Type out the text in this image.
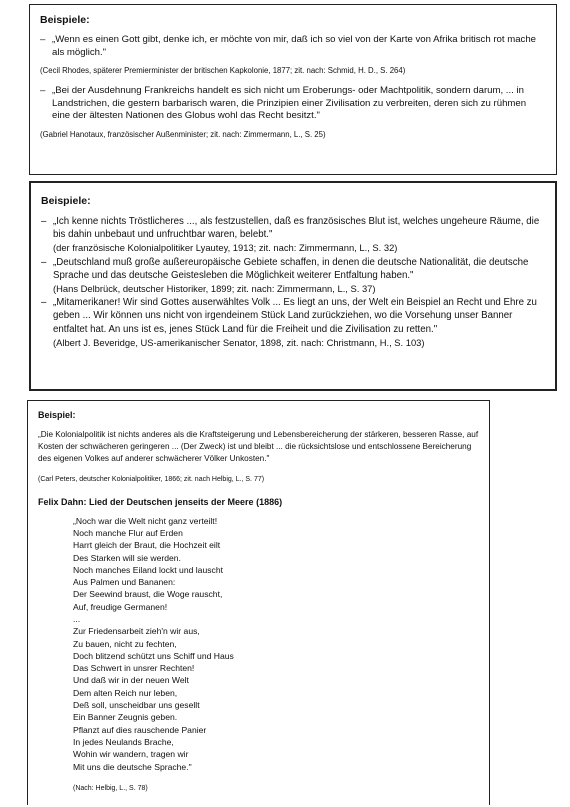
Beispiele:
– „Wenn es einen Gott gibt, denke ich, er möchte von mir, daß ich so viel von der Karte von Afrika britisch rot mache als möglich."
(Cecil Rhodes, späterer Premierminister der britischen Kapkolonie, 1877; zit. nach: Schmid, H. D., S. 264)
– „Bei der Ausdehnung Frankreichs handelt es sich nicht um Eroberungs- oder Machtpolitik, sondern darum, ... in Landstrichen, die gestern barbarisch waren, die Prinzipien einer Zivilisation zu verbreiten, deren sich zu rühmen eine der ältesten Nationen des Globus wohl das Recht besitzt."
(Gabriel Hanotaux, französischer Außenminister; zit. nach: Zimmermann, L., S. 25)
Beispiele:
– „Ich kenne nichts Tröstlicheres ..., als festzustellen, daß es französisches Blut ist, welches ungeheure Räume, die bis dahin unbebaut und unfruchtbar waren, belebt."
(der französische Kolonialpolitiker Lyautey, 1913; zit. nach: Zimmermann, L., S. 32)
– „Deutschland muß große außereuropäische Gebiete schaffen, in denen die deutsche Nationalität, die deutsche Sprache und das deutsche Geistesleben die Möglichkeit weiterer Entfaltung haben."
(Hans Delbrück, deutscher Historiker, 1899; zit. nach: Zimmermann, L., S. 37)
– „Mitamerikaner! Wir sind Gottes auserwähltes Volk ... Es liegt an uns, der Welt ein Beispiel an Recht und Ehre zu geben ... Wir können uns nicht von irgendeinem Stück Land zurückziehen, wo die Vorsehung unser Banner entfaltet hat. An uns ist es, jenes Stück Land für die Freiheit und die Zivilisation zu retten."
(Albert J. Beveridge, US-amerikanischer Senator, 1898, zit. nach: Christmann, H., S. 103)
Beispiel:
„Die Kolonialpolitik ist nichts anderes als die Kraftsteigerung und Lebensbereicherung der stärkeren, besseren Rasse, auf Kosten der schwächeren geringeren ... (Der Zweck) ist und bleibt ... die rücksichtslose und entschlossene Bereicherung des eigenen Volkes auf anderer schwächerer Völker Unkosten."
(Carl Peters, deutscher Kolonialpolitiker, 1866; zit. nach Helbig, L., S. 77)
Felix Dahn: Lied der Deutschen jenseits der Meere (1886)
„Noch war die Welt nicht ganz verteilt!
Noch manche Flur auf Erden
Harrt gleich der Braut, die Hochzeit eilt
Des Starken will sie werden.
Noch manches Eiland lockt und lauscht
Aus Palmen und Bananen:
Der Seewind braust, die Woge rauscht,
Auf, freudige Germanen!
...
Zur Friedensarbeit zieh'n wir aus,
Zu bauen, nicht zu fechten,
Doch blitzend schützt uns Schiff und Haus
Das Schwert in unsrer Rechten!
Und daß wir in der neuen Welt
Dem alten Reich nur leben,
Deß soll, unscheidbar uns gesellt
Ein Banner Zeugnis geben.
Pflanzt auf dies rauschende Panier
In jedes Neulands Brache,
Wohin wir wandern, tragen wir
Mit uns die deutsche Sprache."
(Nach: Helbig, L., S. 78)
